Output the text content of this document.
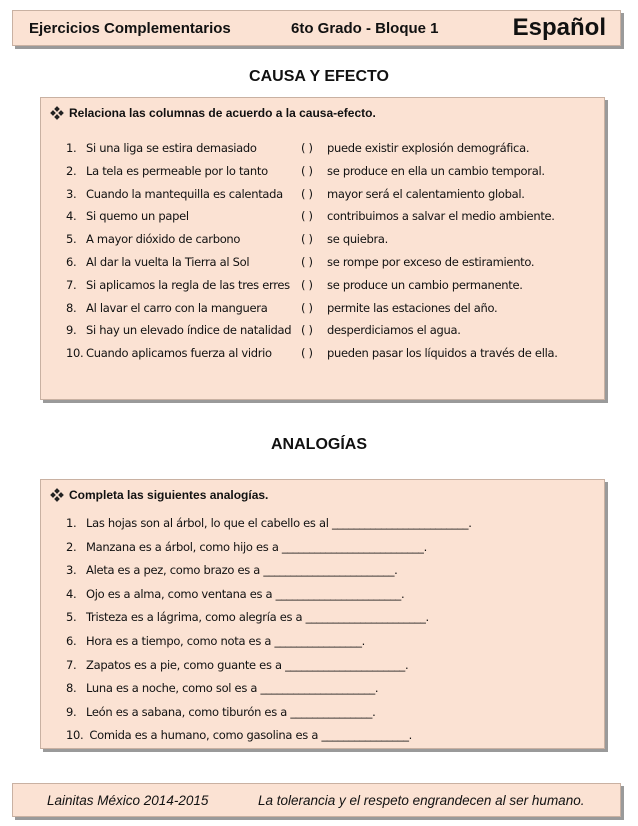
Ejercicios Complementarios	6to Grado - Bloque 1	Español
CAUSA Y EFECTO
Relaciona las columnas de acuerdo a la causa-efecto.
1. Si una liga se estira demasiado	( ) puede existir explosión demográfica.
2. La tela es permeable por lo tanto	( ) se produce en ella un cambio temporal.
3. Cuando la mantequilla es calentada ( ) mayor será el calentamiento global.
4. Si quemo un papel	( ) contribuimos a salvar el medio ambiente.
5. A mayor dióxido de carbono	( ) se quiebra.
6. Al dar la vuelta la Tierra al Sol	( ) se rompe por exceso de estiramiento.
7. Si aplicamos la regla de las tres erres ( ) se produce un cambio permanente.
8. Al lavar el carro con la manguera	( ) permite las estaciones del año.
9. Si hay un elevado índice de natalidad ( ) desperdiciamos el agua.
10. Cuando aplicamos fuerza al vidrio	( ) pueden pasar los líquidos a través de ella.
ANALOGÍAS
Completa las siguientes analogías.
1. Las hojas son al árbol, lo que el cabello es al _________________________.
2. Manzana es a árbol, como hijo es a __________________________.
3. Aleta es a pez, como brazo es a ________________________.
4. Ojo es a alma, como ventana es a _______________________.
5. Tristeza es a lágrima, como alegría es a ______________________.
6. Hora es a tiempo, como nota es a ________________.
7. Zapatos es a pie, como guante es a ______________________.
8. Luna es a noche, como sol es a _____________________.
9. León es a sabana, como tiburón es a _______________.
10. Comida es a humano, como gasolina es a ________________.
Lainitas México 2014-2015	La tolerancia y el respeto engrandecen al ser humano.
